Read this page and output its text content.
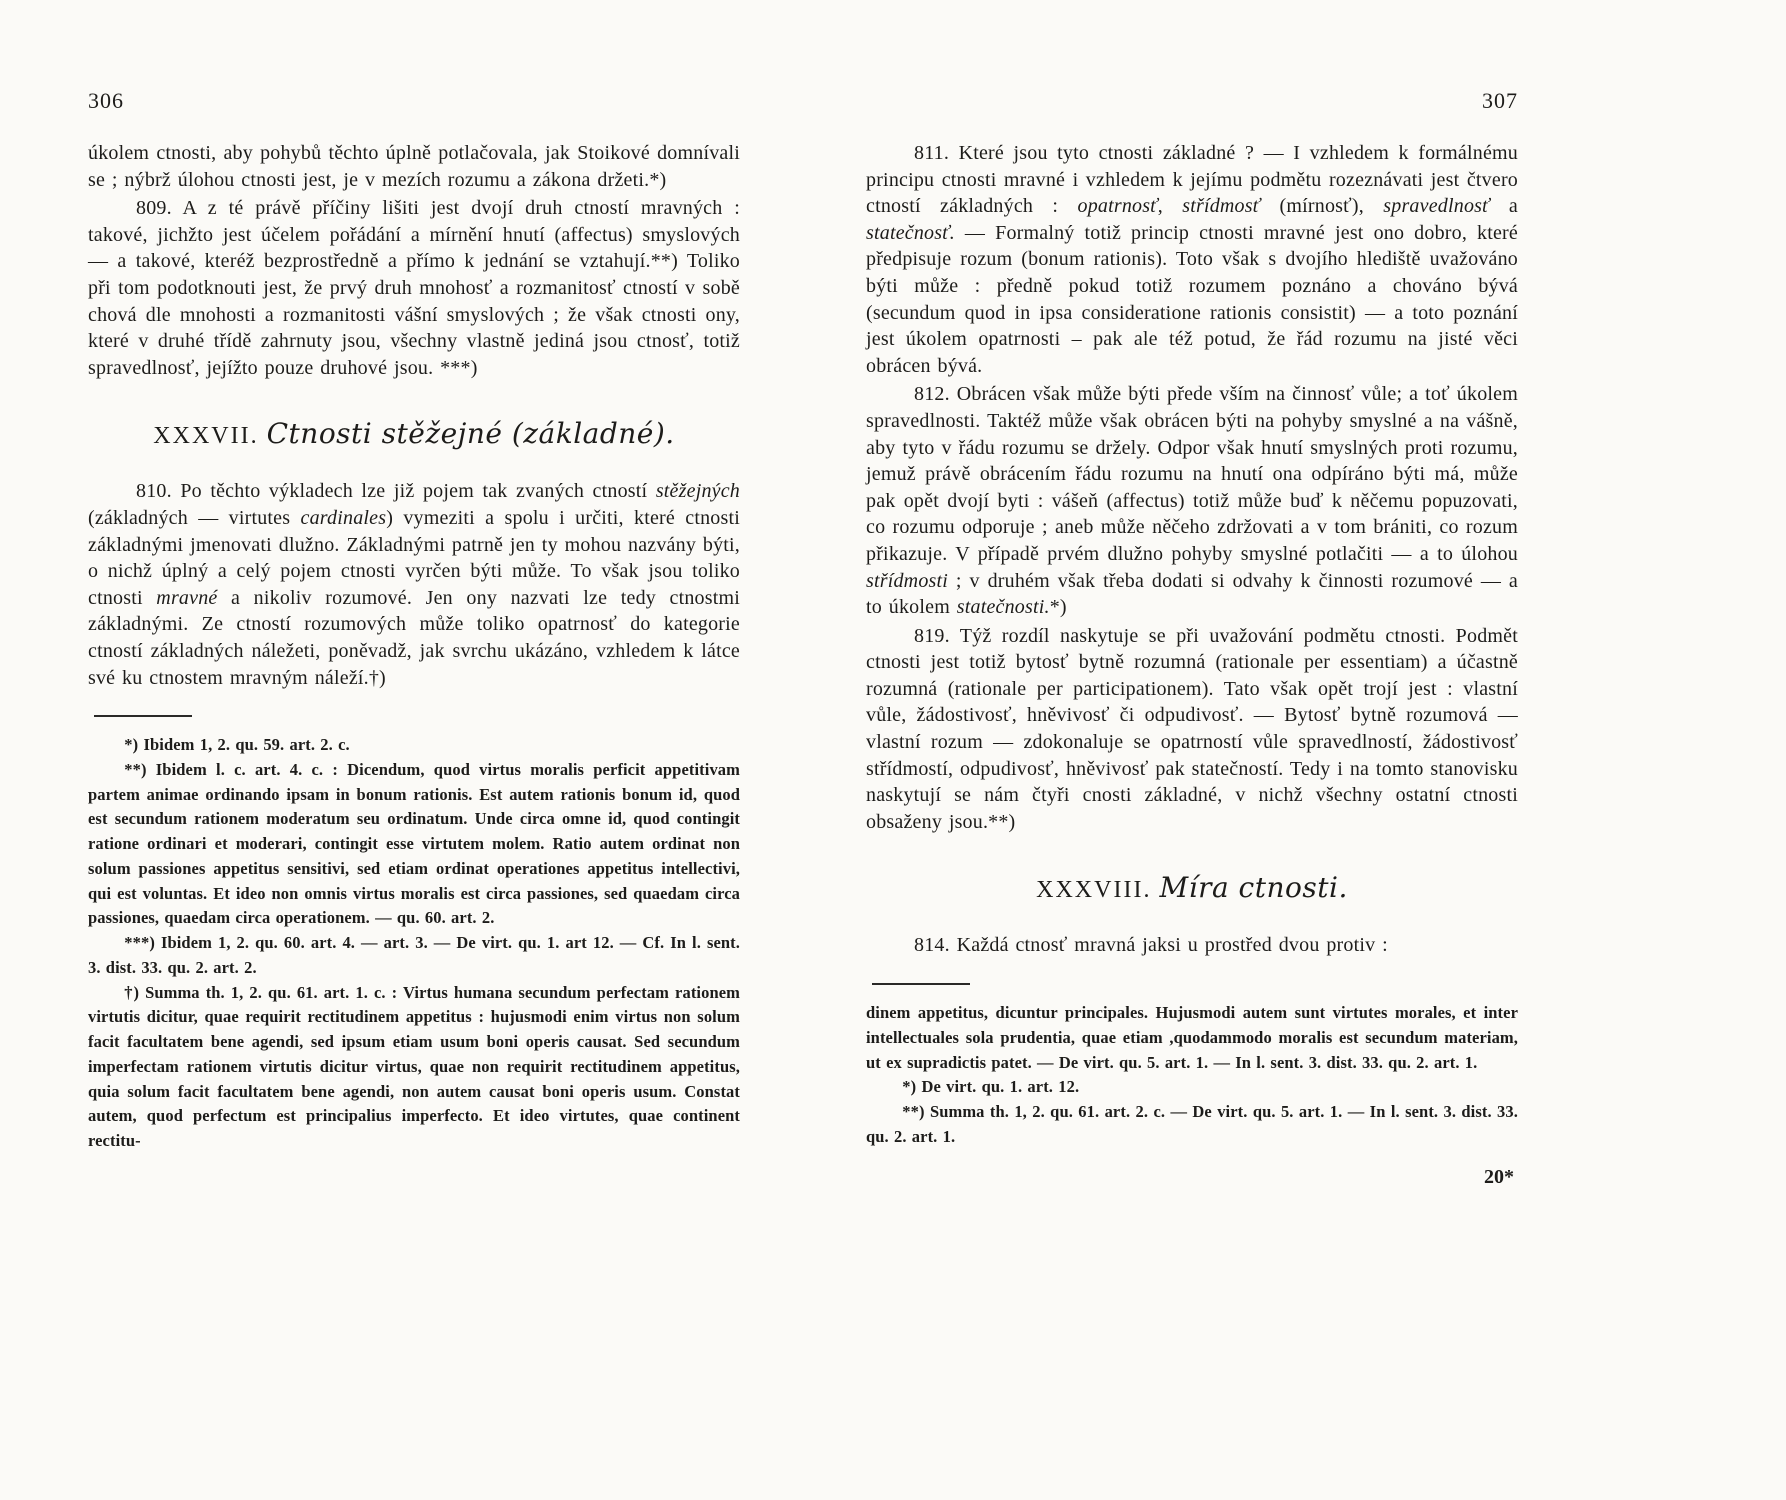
306

úkolem ctnosti, aby pohybů těchto úplně potlačovala, jak Stoikové domnívali se ; nýbrž úlohou ctnosti jest, je v mezích rozumu a zákona držeti.*)

809. A z té právě příčiny lišiti jest dvojí druh ctností mravných : takové, jichžto jest účelem pořádání a mírnění hnutí (affectus) smyslových — a takové, kteréž bezprostředně a přímo k jednání se vztahují.**) Toliko při tom podotknouti jest, že prvý druh mnohosť a rozmanitosť ctností v sobě chová dle mnohosti a rozmanitosti vášní smyslových ; že však ctnosti ony, které v druhé třídě zahrnuty jsou, všechny vlastně jediná jsou ctnosť, totiž spravedlnosť, jejížto pouze druhové jsou. ***)

XXXVII. Ctnosti stěžejné (základné).

810. Po těchto výkladech lze již pojem tak zvaných ctností stěžejných (základných — virtutes cardinales) vymeziti a spolu i určiti, které ctnosti základnými jmenovati dlužno. Základnými patrně jen ty mohou nazvány býti, o nichž úplný a celý pojem ctnosti vyrčen býti může. To však jsou toliko ctnosti mravné a nikoliv rozumové. Jen ony nazvati lze tedy ctnostmi základnými. Ze ctností rozumových může toliko opatrnosť do kategorie ctností základných náležeti, poněvadž, jak svrchu ukázáno, vzhledem k látce své ku ctnostem mravným náleží.†)

*) Ibidem 1, 2. qu. 59. art. 2. c.

**) Ibidem l. c. art. 4. c. : Dicendum, quod virtus moralis perficit appetitivam partem animae ordinando ipsam in bonum rationis. Est autem rationis bonum id, quod est secundum rationem moderatum seu ordinatum. Unde circa omne id, quod contingit ratione ordinari et moderari, contingit esse virtutem molem. Ratio autem ordinat non solum passiones appetitus sensitivi, sed etiam ordinat operationes appetitus intellectivi, qui est voluntas. Et ideo non omnis virtus moralis est circa passiones, sed quaedam circa passiones, quaedam circa operationem. — qu. 60. art. 2.

***) Ibidem 1, 2. qu. 60. art. 4. — art. 3. — De virt. qu. 1. art 12. — Cf. In l. sent. 3. dist. 33. qu. 2. art. 2.

†) Summa th. 1, 2. qu. 61. art. 1. c. : Virtus humana secundum perfectam rationem virtutis dicitur, quae requirit rectitudinem appetitus : hujusmodi enim virtus non solum facit facultatem bene agendi, sed ipsum etiam usum boni operis causat. Sed secundum imperfectam rationem virtutis dicitur virtus, quae non requirit rectitudinem appetitus, quia solum facit facultatem bene agendi, non autem causat boni operis usum. Constat autem, quod perfectum est principalius imperfecto. Et ideo virtutes, quae continent rectitu-

307

811. Které jsou tyto ctnosti základné ? — I vzhledem k formálnému principu ctnosti mravné i vzhledem k jejímu podmětu rozeznávati jest čtvero ctností základných : opatrnosť, střídmosť (mírnosť), spravedlnosť a statečnosť. — Formalný totiž princip ctnosti mravné jest ono dobro, které předpisuje rozum (bonum rationis). Toto však s dvojího hlediště uvažováno býti může : předně pokud totiž rozumem poznáno a chováno bývá (secundum quod in ipsa consideratione rationis consistit) — a toto poznání jest úkolem opatrnosti – pak ale též potud, že řád rozumu na jisté věci obrácen bývá.

812. Obrácen však může býti přede vším na činnosť vůle; a toť úkolem spravedlnosti. Taktéž může však obrácen býti na pohyby smyslné a na vášně, aby tyto v řádu rozumu se držely. Odpor však hnutí smyslných proti rozumu, jemuž právě obrácením řádu rozumu na hnutí ona odpíráno býti má, může pak opět dvojí byti : vášeň (affectus) totiž může buď k něčemu popuzovati, co rozumu odporuje ; aneb může něčeho zdržovati a v tom brániti, co rozum přikazuje. V případě prvém dlužno pohyby smyslné potlačiti — a to úlohou střídmosti ; v druhém však třeba dodati si odvahy k činnosti rozumové — a to úkolem statečnosti.*)

819. Týž rozdíl naskytuje se při uvažování podmětu ctnosti. Podmět ctnosti jest totiž bytosť bytně rozumná (rationale per essentiam) a účastně rozumná (rationale per participationem). Tato však opět trojí jest : vlastní vůle, žádostivosť, hněvivosť či odpudivosť. — Bytosť bytně rozumová — vlastní rozum — zdokonaluje se opatrností vůle spravedlností, žádostivosť střídmostí, odpudivosť, hněvivosť pak statečností. Tedy i na tomto stanovisku naskytují se nám čtyři cnosti základné, v nichž všechny ostatní ctnosti obsaženy jsou.**)

XXXVIII. Míra ctnosti.

814. Každá ctnosť mravná jaksi u prostřed dvou protiv :

dinem appetitus, dicuntur principales. Hujusmodi autem sunt virtutes morales, et inter intellectuales sola prudentia, quae etiam ,quodammodo moralis est secundum materiam, ut ex supradictis patet. — De virt. qu. 5. art. 1. — In l. sent. 3. dist. 33. qu. 2. art. 1.

*) De virt. qu. 1. art. 12.

**) Summa th. 1, 2. qu. 61. art. 2. c. — De virt. qu. 5. art. 1. — In l. sent. 3. dist. 33. qu. 2. art. 1.

20*
